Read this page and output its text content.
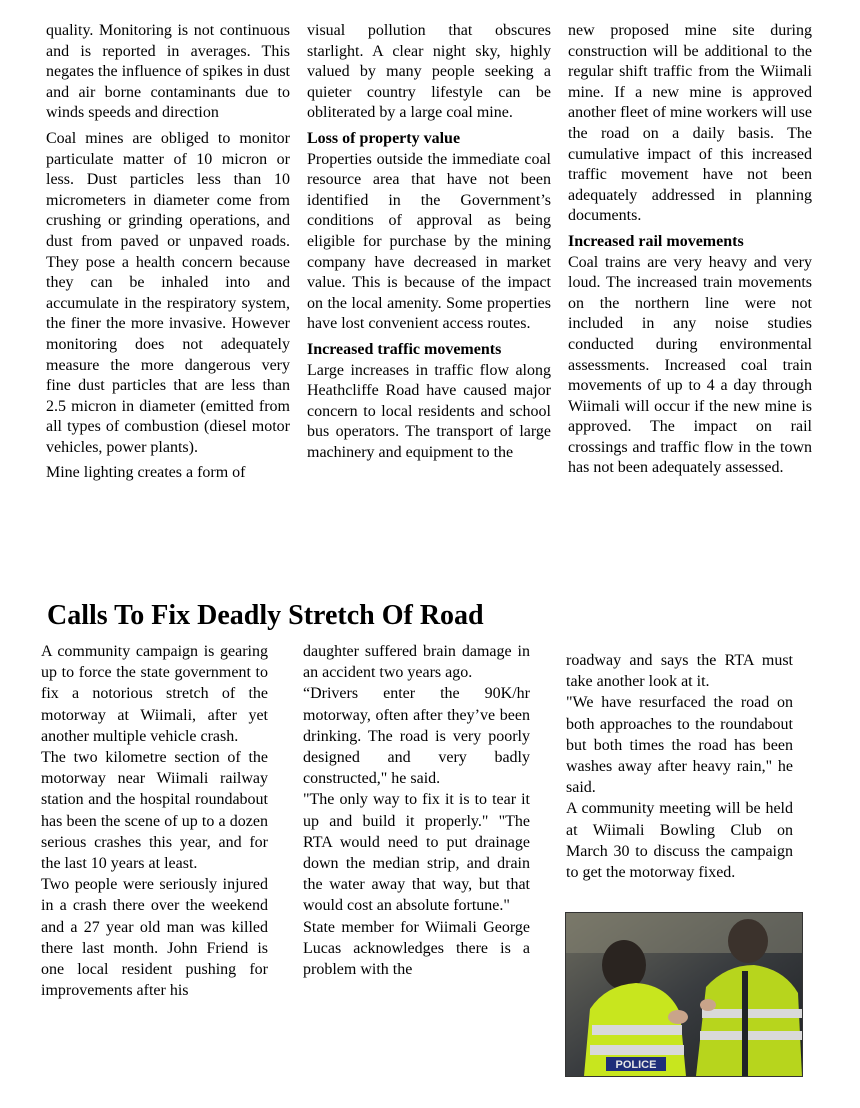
quality. Monitoring is not continuous and is reported in averages. This negates the influence of spikes in dust and air borne contaminants due to winds speeds and direction

Coal mines are obliged to monitor particulate matter of 10 micron or less. Dust particles less than 10 micrometers in diameter come from crushing or grinding operations, and dust from paved or unpaved roads. They pose a health concern because they can be inhaled into and accumulate in the respiratory system, the finer the more invasive. However monitoring does not adequately measure the more dangerous very fine dust particles that are less than 2.5 micron in diameter (emitted from all types of combustion (diesel motor vehicles, power plants).

Mine lighting creates a form of

visual pollution that obscures starlight. A clear night sky, highly valued by many people seeking a quieter country lifestyle can be obliterated by a large coal mine.

Loss of property value

Properties outside the immediate coal resource area that have not been identified in the Government’s conditions of approval as being eligible for purchase by the mining company have decreased in market value. This is because of the impact on the local amenity. Some properties have lost convenient access routes.

Increased traffic movements

Large increases in traffic flow along Heathcliffe Road have caused major concern to local residents and school bus operators. The transport of large machinery and equipment to the

new proposed mine site during construction will be additional to the regular shift traffic from the Wiimali mine. If a new mine is approved another fleet of mine workers will use the road on a daily basis. The cumulative impact of this increased traffic movement have not been adequately addressed in planning documents.

Increased rail movements

Coal trains are very heavy and very loud. The increased train movements on the northern line were not included in any noise studies conducted during environmental assessments. Increased coal train movements of up to 4 a day through Wiimali will occur if the new mine is approved. The impact on rail crossings and traffic flow in the town has not been adequately assessed.

Calls To Fix Deadly Stretch Of Road

A community campaign is gearing up to force the state government to fix a notorious stretch of the motorway at Wiimali, after yet another multiple vehicle crash.

The two kilometre section of the motorway near Wiimali railway station and the hospital roundabout has been the scene of up to a dozen serious crashes this year, and for the last 10 years at least.

Two people were seriously injured in a crash there over the weekend and a 27 year old man was killed there last month. John Friend is one local resident pushing for improvements after his

daughter suffered brain damage in an accident two years ago.

“Drivers enter the 90K/hr motorway, often after they’ve been drinking. The road is very poorly designed and very badly constructed," he said.

"The only way to fix it is to tear it up and build it properly." "The RTA would need to put drainage down the median strip, and drain the water away that way, but that would cost an absolute fortune."

State member for Wiimali George Lucas acknowledges there is a problem with the

roadway and says the RTA must take another look at it.

"We have resurfaced the road on both approaches to the roundabout but both times the road has been washes away after heavy rain," he said.

A community meeting will be held at Wiimali Bowling Club on March 30 to discuss the campaign to get the motorway fixed.

POLICE
